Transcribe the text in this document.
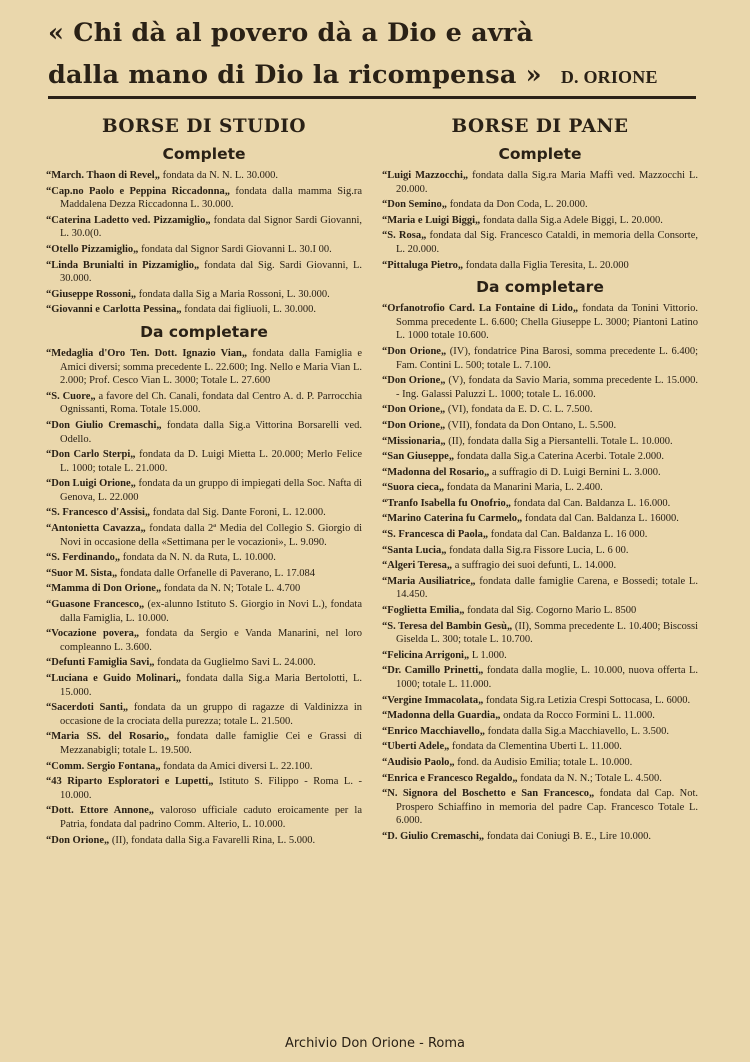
« Chi dà al povero dà a Dio e avrà
dalla mano di Dio la ricompensa » D. ORIONE
BORSE DI STUDIO
Complete
“March. Thaon di Revel„ fondata da N. N. L. 30.000.
“Cap.no Paolo e Peppina Riccadonna„ fondata dalla mamma Sig.ra Maddalena Dezza Riccadonna L. 30.000.
“Caterina Ladetto ved. Pizzamiglio„ fondata dal Signor Sardi Giovanni, L. 30.0(0.
“Otello Pizzamiglio„ fondata dal Signor Sardi Giovanni L. 30.I 00.
“Linda Brunialti in Pizzamiglio„ fondata dal Sig. Sardi Giovanni, L. 30.000.
“Giuseppe Rossoni„ fondata dalla Sig a Maria Rossoni, L. 30.000.
“Giovanni e Carlotta Pessina„ fondata dai figliuoli, L. 30.000.
Da completare
“Medaglia d'Oro Ten. Dott. Ignazio Vian„ fondata dalla Famiglia e Amici diversi; somma precedente L. 22.600; Ing. Nello e Maria Vian L. 2.000; Prof. Cesco Vian L. 3000; Totale L. 27.600
“S. Cuore„ a favore del Ch. Canali, fondata dal Centro A. d. P. Parrocchia Ognissanti, Roma. Totale 15.000.
“Don Giulio Cremaschi„ fondata dalla Sig.a Vittorina Borsarelli ved. Odello.
“Don Carlo Sterpi„ fondata da D. Luigi Mietta L. 20.000; Merlo Felice L. 1000; totale L. 21.000.
“Don Luigi Orione„ fondata da un gruppo di impiegati della Soc. Nafta di Genova, L. 22.000
“S. Francesco d'Assisi„ fondata dal Sig. Dante Foroni, L. 12.000.
“Antonietta Cavazza„ fondata dalla 2ª Media del Collegio S. Giorgio di Novi in occasione della «Settimana per le vocazioni», L. 9.090.
“S. Ferdinando„ fondata da N. N. da Ruta, L. 10.000.
“Suor M. Sista„ fondata dalle Orfanelle di Paverano, L. 17.084
“Mamma di Don Orione„ fondata da N. N; Totale L. 4.700
“Guasone Francesco„ (ex-alunno Istituto S. Giorgio in Novi L.), fondata dalla Famiglia, L. 10.000.
“Vocazione povera„ fondata da Sergio e Vanda Manarini, nel loro compleanno L. 3.600.
“Defunti Famiglia Savi„ fondata da Guglielmo Savi L. 24.000.
“Luciana e Guido Molinari„ fondata dalla Sig.a Maria Bertolotti, L. 15.000.
“Sacerdoti Santi„ fondata da un gruppo di ragazze di Valdinizza in occasione de la crociata della purezza; totale L. 21.500.
“Maria SS. del Rosario„ fondata dalle famiglie Cei e Grassi di Mezzanabigli; totale L. 19.500.
“Comm. Sergio Fontana„ fondata da Amici diversi L. 22.100.
“43 Riparto Esploratori e Lupetti„ Istituto S. Filippo - Roma L. - 10.000.
“Dott. Ettore Annone„ valoroso ufficiale caduto eroicamente per la Patria, fondata dal padrino Comm. Alterio, L. 10.000.
“Don Orione„ (II), fondata dalla Sig.a Favarelli Rina, L. 5.000.
BORSE DI PANE
Complete
“Luigi Mazzocchi„ fondata dalla Sig.ra Maria Maffi ved. Mazzocchi L. 20.000.
“Don Semino„ fondata da Don Coda, L. 20.000.
“Maria e Luigi Biggi„ fondata dalla Sig.a Adele Biggi, L. 20.000.
“S. Rosa„ fondata dal Sig. Francesco Cataldi, in memoria della Consorte, L. 20.000.
“Pittaluga Pietro„ fondata dalla Figlia Teresita, L. 20.000
Da completare
“Orfanotrofio Card. La Fontaine di Lido„ fondata da Tonini Vittorio. Somma precedente L. 6.600; Chella Giuseppe L. 3000; Piantoni Latino L. 1000 totale 10.600.
“Don Orione„ (IV), fondatrice Pina Barosi, somma precedente L. 6.400; Fam. Contini L. 500; totale L. 7.100.
“Don Orione„ (V), fondata da Savio Maria, somma precedente L. 15.000. - Ing. Galassi Paluzzi L. 1000; totale L. 16.000.
“Don Orione„ (VI), fondata da E. D. C. L. 7.500.
“Don Orione„ (VII), fondata da Don Ontano, L. 5.500.
“Missionaria„ (II), fondata dalla Sig a Piersantelli. Totale L. 10.000.
“San Giuseppe„ fondata dalla Sig.a Caterina Acerbi. Totale 2.000.
“Madonna del Rosario„ a suffragio di D. Luigi Bernini L. 3.000.
“Suora cieca„ fondata da Manarini Maria, L. 2.400.
“Tranfo Isabella fu Onofrio„ fondata dal Can. Baldanza L. 16.000.
“Marino Caterina fu Carmelo„ fondata dal Can. Baldanza L. 16000.
“S. Francesca di Paola„ fondata dal Can. Baldanza L. 16 000.
“Santa Lucia„ fondata dalla Sig.ra Fissore Lucia, L. 6 00.
“Algeri Teresa„ a suffragio dei suoi defunti, L. 14.000.
“Maria Ausiliatrice„ fondata dalle famiglie Carena, e Bossedi; totale L. 14.450.
“Foglietta Emilia„ fondata dal Sig. Cogorno Mario L. 8500
“S. Teresa del Bambin Gesù„ (II), Somma precedente L. 10.400; Biscossi Giselda L. 300; totale L. 10.700.
“Felicina Arrigoni„ L 1.000.
“Dr. Camillo Prinetti„ fondata dalla moglie, L. 10.000, nuova offerta L. 1000; totale L. 11.000.
“Vergine Immacolata„ fondata Sig.ra Letizia Crespi Sottocasa, L. 6000.
“Madonna della Guardia„ ondata da Rocco Formini L. 11.000.
“Enrico Macchiavello„ fondata dalla Sig.a Macchiavello, L. 3.500.
“Uberti Adele„ fondata da Clementina Uberti L. 11.000.
“Audisio Paolo„ fond. da Audisio Emilia; totale L. 10.000.
“Enrica e Francesco Regaldo„ fondata da N. N.; Totale L. 4.500.
“N. Signora del Boschetto e San Francesco„ fondata dal Cap. Not. Prospero Schiaffino in memoria del padre Cap. Francesco Totale L. 6.000.
“D. Giulio Cremaschi„ fondata dai Coniugi B. E., Lire 10.000.
Archivio Don Orione - Roma
